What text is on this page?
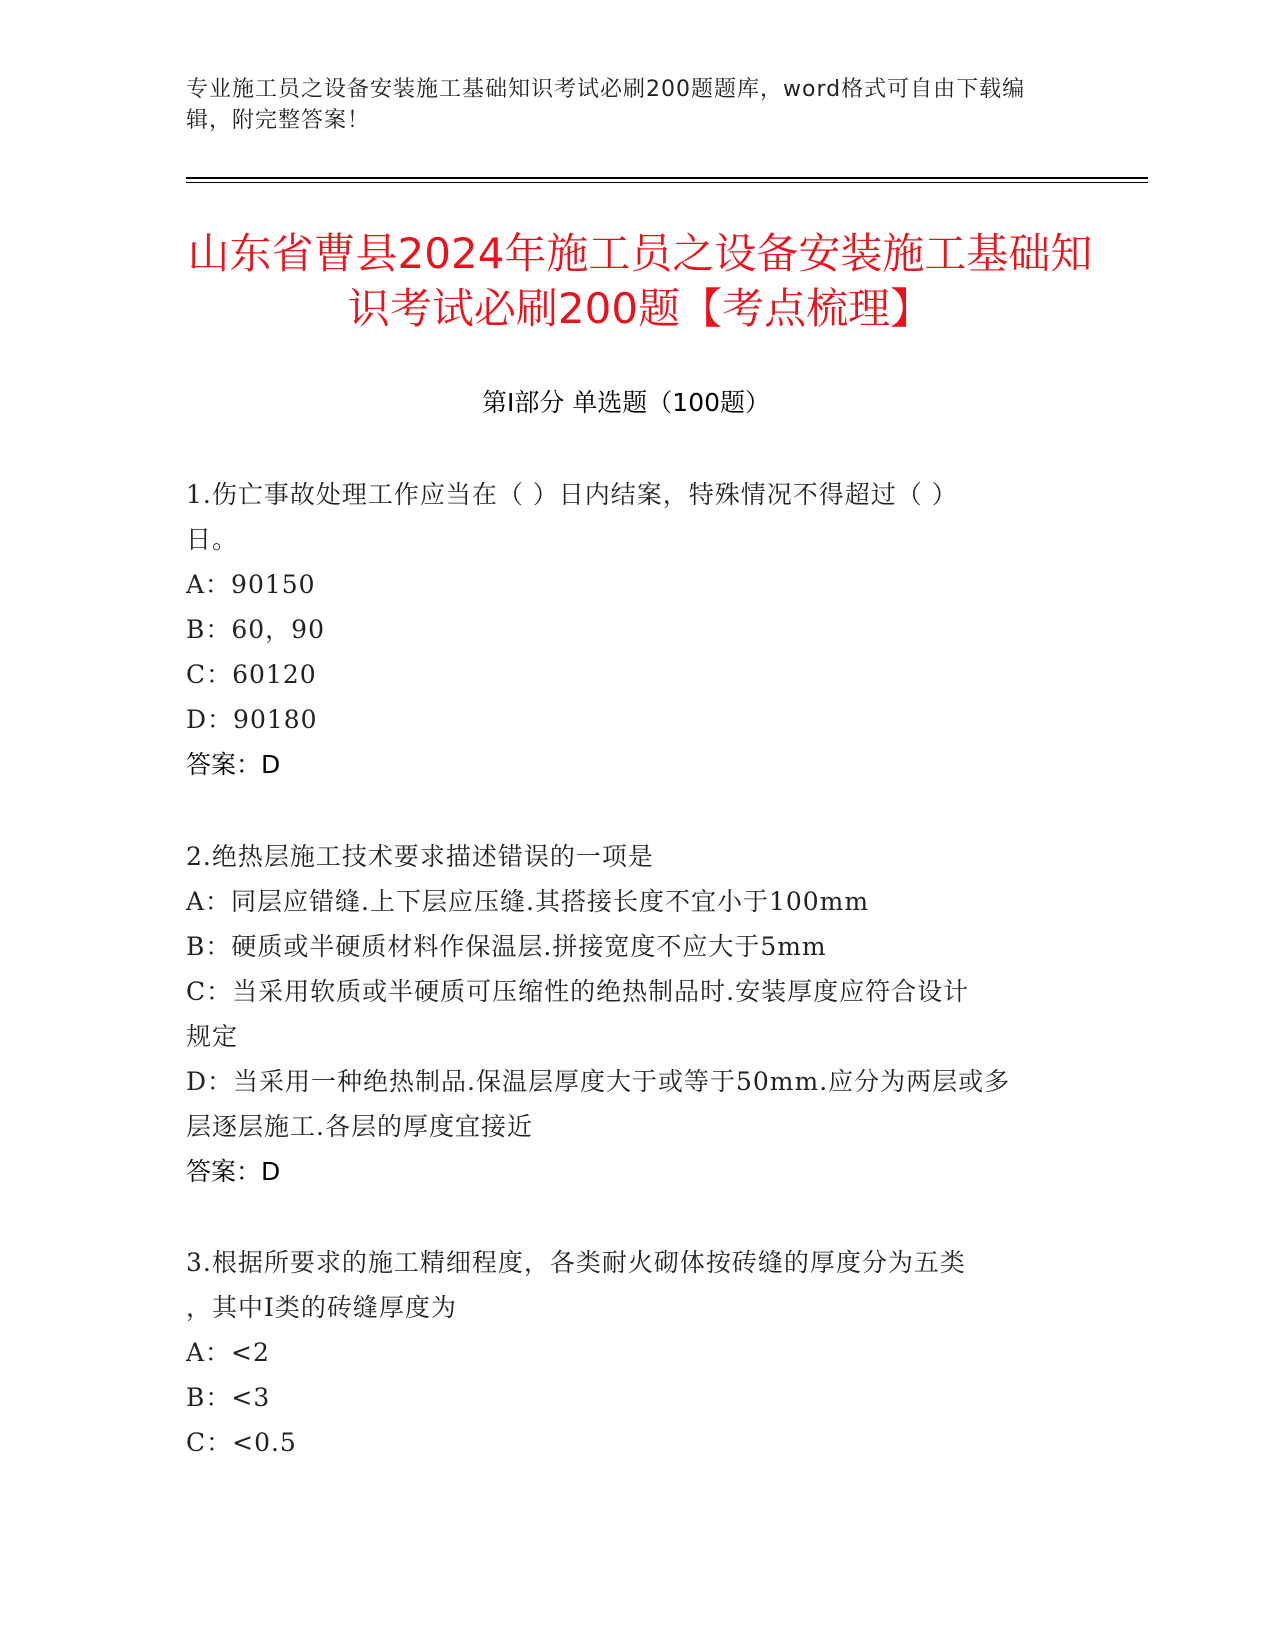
专业施工员之设备安装施工基础知识考试必刷200题题库，word格式可自由下载编辑，附完整答案！
山东省曹县2024年施工员之设备安装施工基础知识考试必刷200题【考点梳理】
第Ⅰ部分 单选题（100题）
1.伤亡事故处理工作应当在（ ）日内结案，特殊情况不得超过（ ）
日。
A：90150
B：60，90
C：60120
D：90180
答案：D
2.绝热层施工技术要求描述错误的一项是
A：同层应错缝.上下层应压缝.其搭接长度不宜小于100mm
B：硬质或半硬质材料作保温层.拼接宽度不应大于5mm
C：当采用软质或半硬质可压缩性的绝热制品时.安装厚度应符合设计
规定
D：当采用一种绝热制品.保温层厚度大于或等于50mm.应分为两层或多
层逐层施工.各层的厚度宜接近
答案：D
3.根据所要求的施工精细程度，各类耐火砌体按砖缝的厚度分为五类
，其中Ⅰ类的砖缝厚度为
A：<2
B：<3
C：<0.5
